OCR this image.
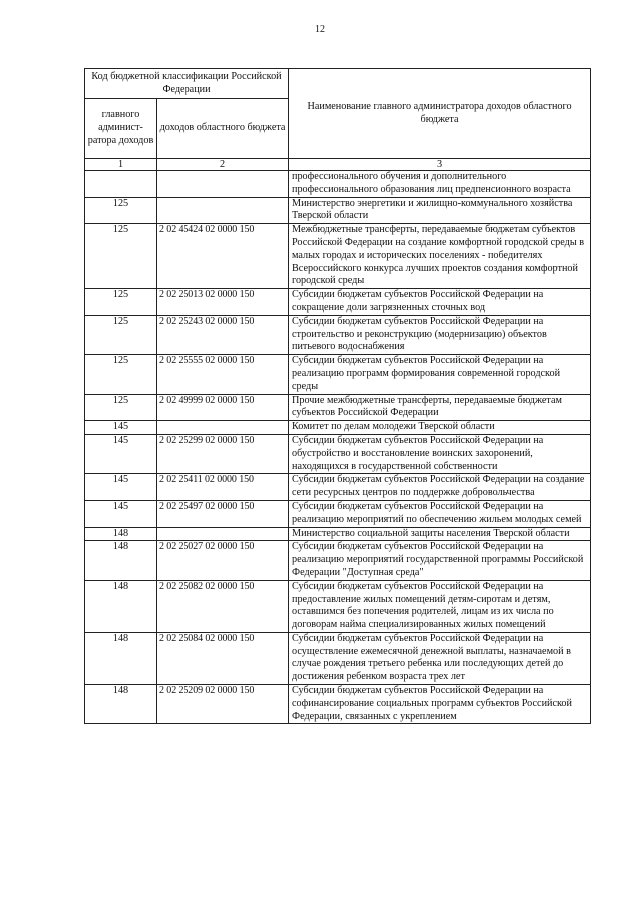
12
Код бюджетной классификации Российской Федерации		Наименование главного администратора доходов областного бюджета
главного админист-ратора доходов	доходов областного бюджета	
1	2	3
		профессионального обучения и дополнительного профессионального образования лиц предпенсионного возраста
125		Министерство энергетики и жилищно-коммунального хозяйства Тверской области
125	2 02 45424 02 0000 150	Межбюджетные трансферты, передаваемые бюджетам субъектов Российской Федерации на создание комфортной городской среды в малых городах и исторических поселениях - победителях Всероссийского конкурса лучших проектов создания комфортной городской среды
125	2 02 25013 02 0000 150	Субсидии бюджетам субъектов Российской Федерации на сокращение доли загрязненных сточных вод
125	2 02 25243 02 0000 150	Субсидии бюджетам субъектов Российской Федерации на строительство и реконструкцию (модернизацию) объектов питьевого водоснабжения
125	2 02 25555 02 0000 150	Субсидии бюджетам субъектов Российской Федерации на реализацию программ формирования современной городской среды
125	2 02 49999 02 0000 150	Прочие межбюджетные трансферты, передаваемые бюджетам субъектов Российской Федерации
145		Комитет по делам молодежи Тверской области
145	2 02 25299 02 0000 150	Субсидии бюджетам субъектов Российской Федерации на обустройство и восстановление воинских захоронений, находящихся в государственной собственности
145	2 02 25411 02 0000 150	Субсидии бюджетам субъектов Российской Федерации на создание сети ресурсных центров по поддержке добровольчества
145	2 02 25497 02 0000 150	Субсидии бюджетам субъектов Российской Федерации на реализацию мероприятий по обеспечению жильем молодых семей
148		Министерство социальной защиты населения Тверской области
148	2 02 25027 02 0000 150	Субсидии бюджетам субъектов Российской Федерации на реализацию мероприятий государственной программы Российской Федерации "Доступная среда"
148	2 02 25082 02 0000 150	Субсидии бюджетам субъектов Российской Федерации на предоставление жилых помещений детям-сиротам и детям, оставшимся без попечения родителей, лицам из их числа по договорам найма специализированных жилых помещений
148	2 02 25084 02 0000 150	Субсидии бюджетам субъектов Российской Федерации на осуществление ежемесячной денежной выплаты, назначаемой в случае рождения третьего ребенка или последующих детей до достижения ребенком возраста трех лет
148	2 02 25209 02 0000 150	Субсидии бюджетам субъектов Российской Федерации на софинансирование социальных программ субъектов Российской Федерации, связанных с укреплением
